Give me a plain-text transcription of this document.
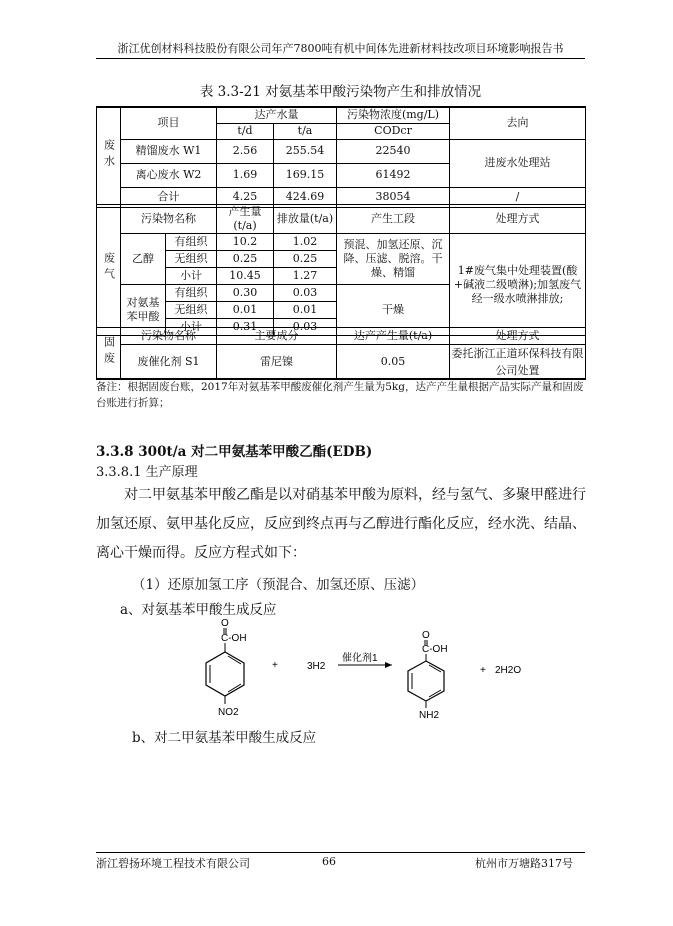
浙江优创材料科技股份有限公司年产7800吨有机中间体先进新材料技改项目环境影响报告书
表 3.3-21 对氨基苯甲酸污染物产生和排放情况
废水	项目	达产水量		污染物浓度(mg/L)	去向
		t/d	t/a	CODcr	
	精馏废水 W1	2.56	255.54	22540	进废水处理站
	离心废水 W2	1.69	169.15	61492	
	合计	4.25	424.69	38054	/
废气	污染物名称		产生量(t/a)	排放量(t/a)	产生工段	处理方式
	乙醇	有组织	10.2	1.02	预混、加氢还原、沉降、压滤、脱溶。干燥、精馏	1#废气集中处理装置(酸+碱液二级喷淋);加氢废气经一级水喷淋排放;
		无组织	0.25	0.25		
		小计	10.45	1.27		
	对氨基苯甲酸	有组织	0.30	0.03	干燥	
		无组织	0.01	0.01		
		小计	0.31	0.03		
固废	污染物名称	主要成分	达产产生量(t/a)	处理方式
	废催化剂 S1	雷尼镍	0.05	委托浙江正道环保科技有限公司处置
备注：根据固废台账，2017年对氨基苯甲酸废催化剂产生量为5kg，达产产生量根据产品实际产量和固废台账进行折算；
3.3.8 300t/a 对二甲氨基苯甲酸乙酯(EDB)
3.3.8.1 生产原理
对二甲氨基苯甲酸乙酯是以对硝基苯甲酸为原料，经与氢气、多聚甲醛进行加氢还原、氨甲基化反应，反应到终点再与乙醇进行酯化反应，经水洗、结晶、离心干燥而得。反应方程式如下：
（1）还原加氢工序（预混合、加氢还原、压滤）
a、对氨基苯甲酸生成反应
O
C-OH
NO2
+	3H2
催化剂1
O
C-OH
NH2
+ 2H2O
b、对二甲氨基苯甲酸生成反应
浙江碧扬环境工程技术有限公司	66	杭州市万塘路317号
